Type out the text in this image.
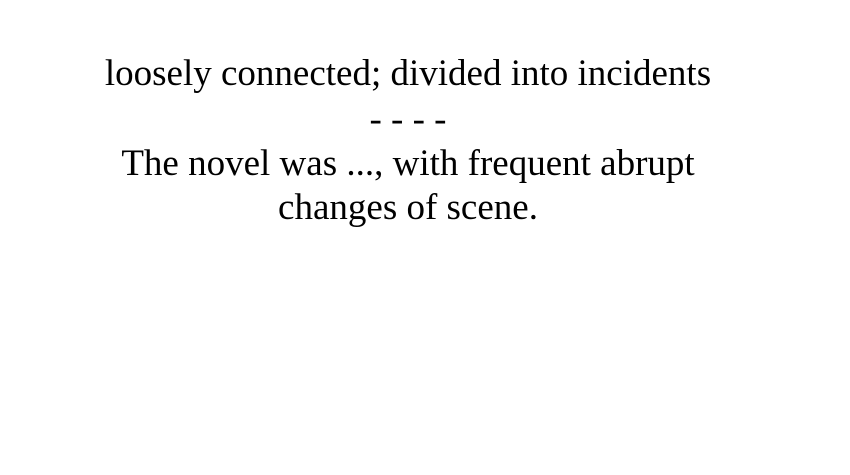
loosely connected; divided into incidents
- - - -
The novel was ..., with frequent abrupt
changes of scene.
